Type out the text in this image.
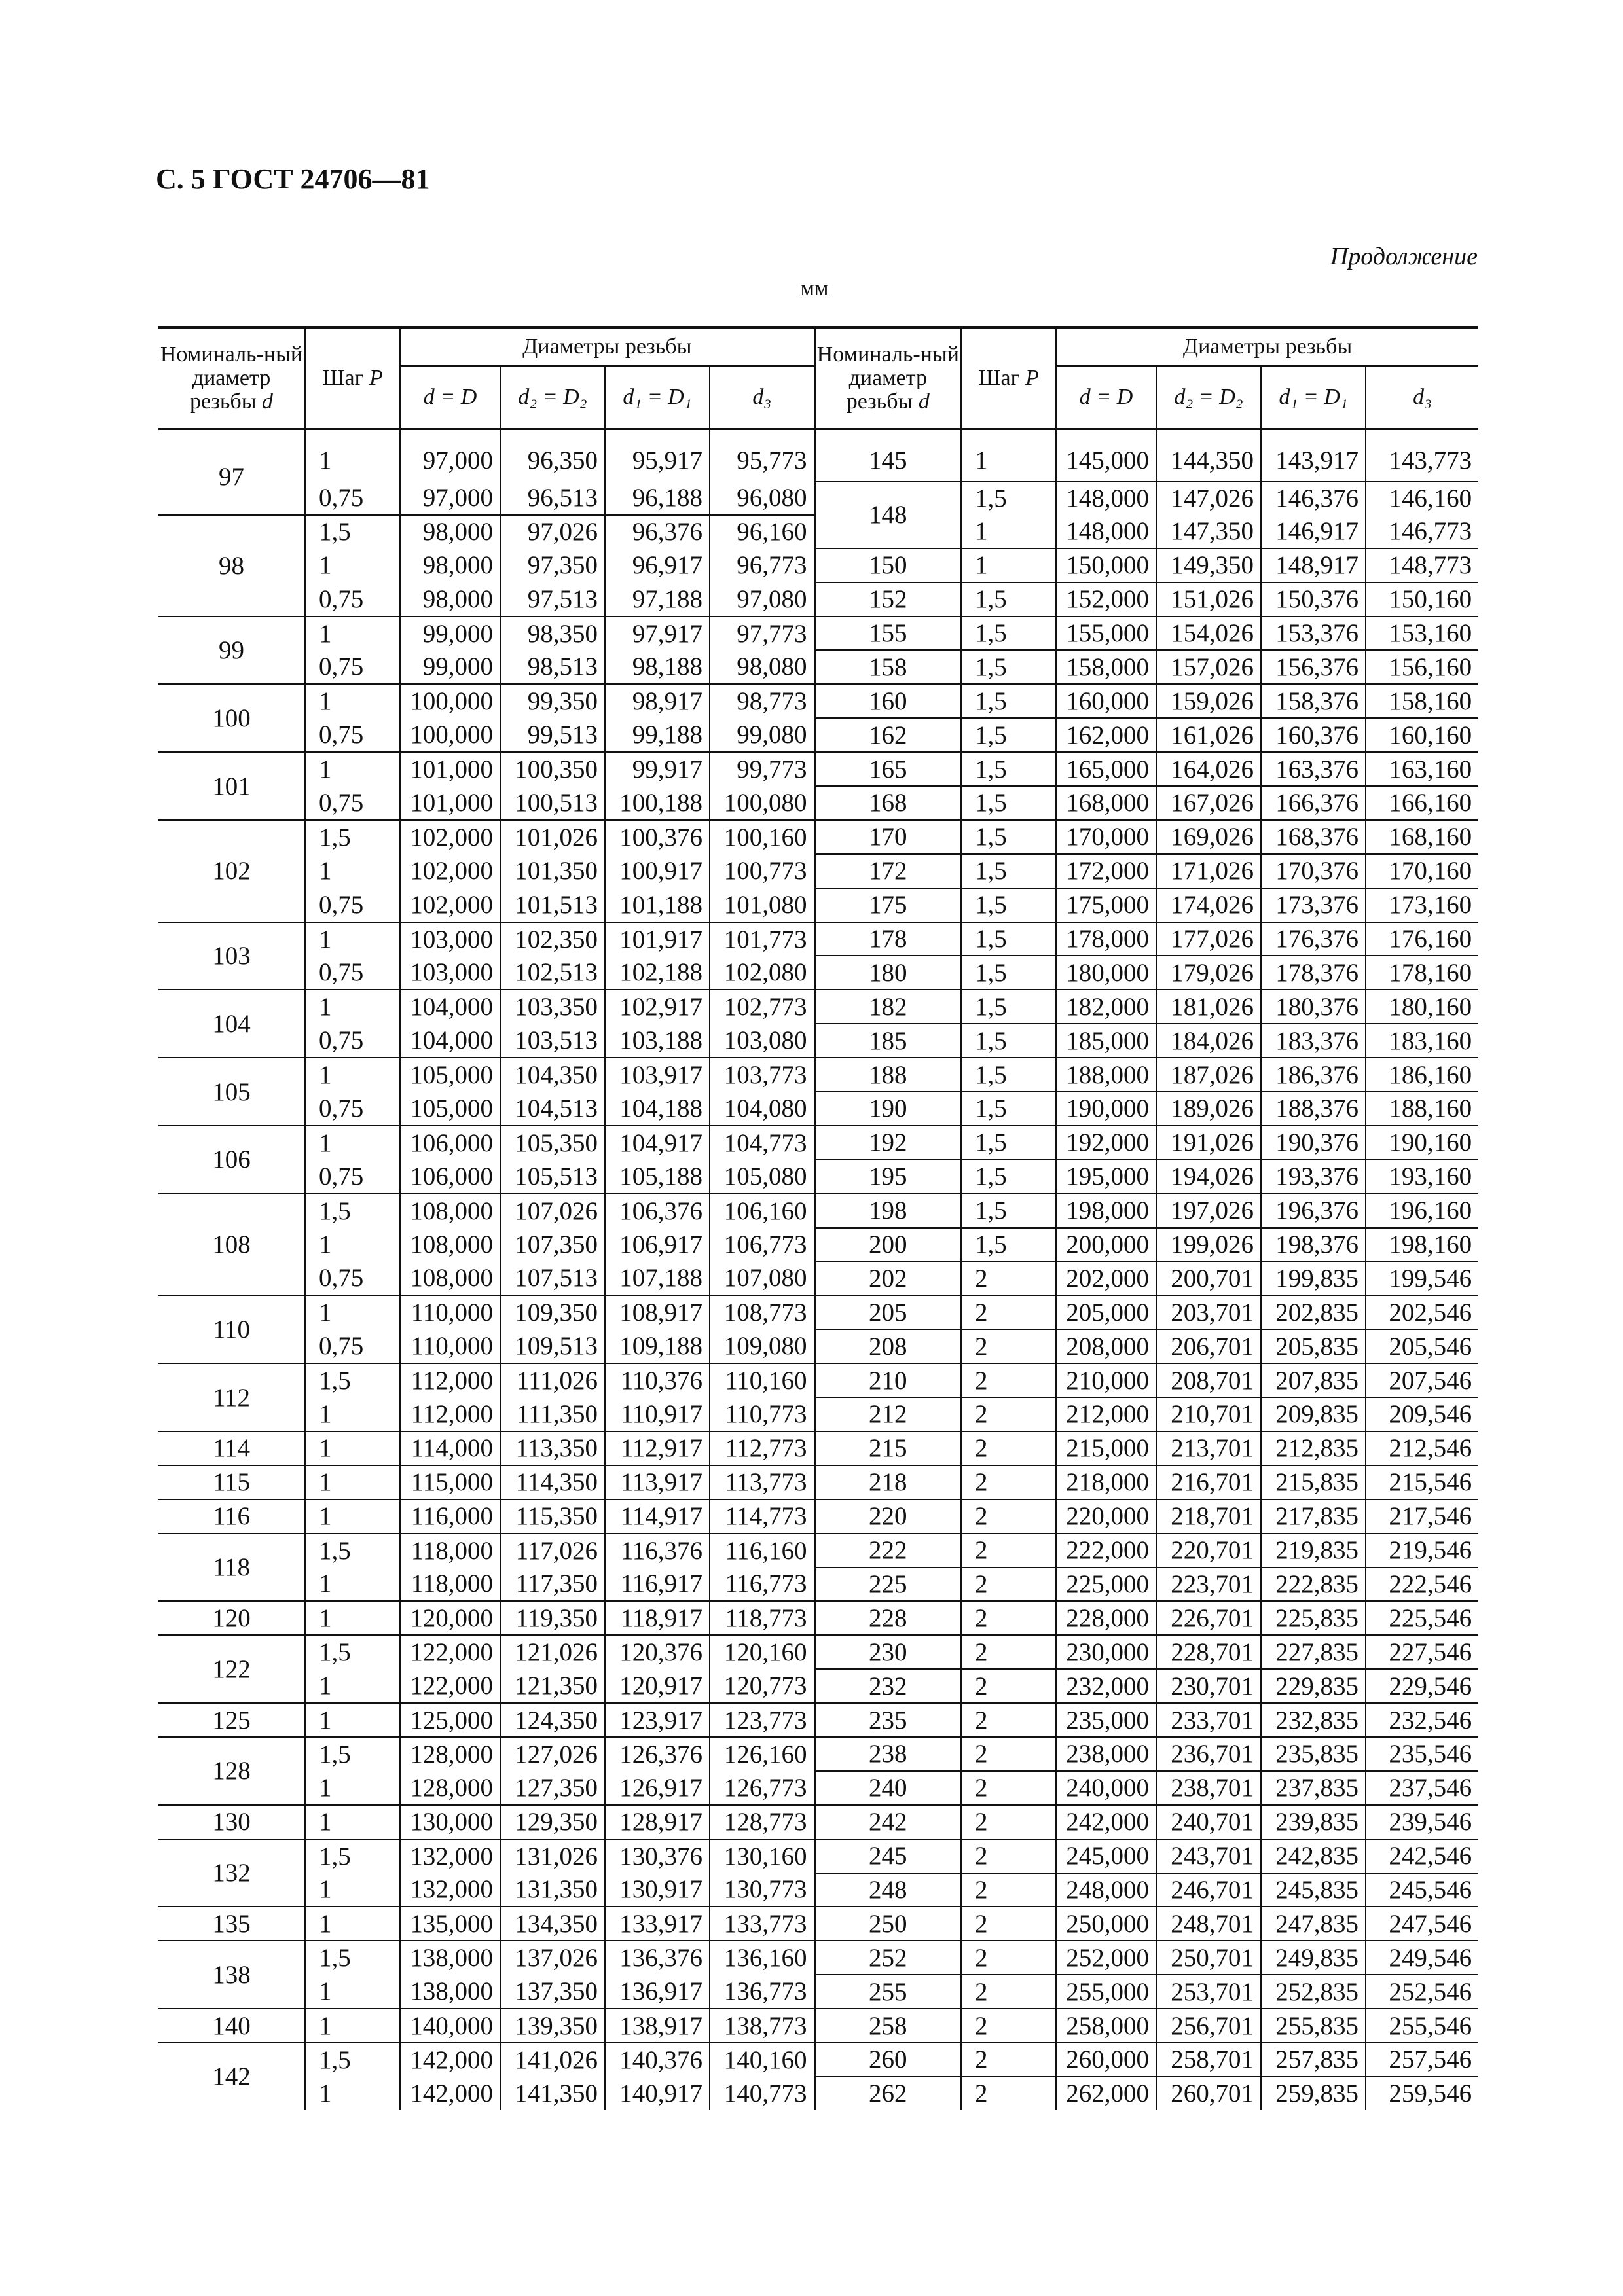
С. 5 ГОСТ 24706—81
Продолжение
мм
Номиналь-ный диаметр резьбы d	Шаг P	Диаметры резьбы				Номиналь-ный диаметр резьбы d	Шаг P	Диаметры резьбы			
		d = D	d₂ = D₂	d₁ = D₁	d₃			d = D	d₂ = D₂	d₁ = D₁	d₃
97	1	97,000	96,350	95,917	95,773	145	1	145,000	144,350	143,917	143,773
	0,75	97,000	96,513	96,188	96,080	148	1,5	148,000	147,026	146,376	146,160
98	1,5	98,000	97,026	96,376	96,160		1	148,000	147,350	146,917	146,773
	1	98,000	97,350	96,917	96,773	150	1	150,000	149,350	148,917	148,773
	0,75	98,000	97,513	97,188	97,080	152	1,5	152,000	151,026	150,376	150,160
99	1	99,000	98,350	97,917	97,773	155	1,5	155,000	154,026	153,376	153,160
	0,75	99,000	98,513	98,188	98,080	158	1,5	158,000	157,026	156,376	156,160
100	1	100,000	99,350	98,917	98,773	160	1,5	160,000	159,026	158,376	158,160
	0,75	100,000	99,513	99,188	99,080	162	1,5	162,000	161,026	160,376	160,160
101	1	101,000	100,350	99,917	99,773	165	1,5	165,000	164,026	163,376	163,160
	0,75	101,000	100,513	100,188	100,080	168	1,5	168,000	167,026	166,376	166,160
102	1,5	102,000	101,026	100,376	100,160	170	1,5	170,000	169,026	168,376	168,160
	1	102,000	101,350	100,917	100,773	172	1,5	172,000	171,026	170,376	170,160
	0,75	102,000	101,513	101,188	101,080	175	1,5	175,000	174,026	173,376	173,160
103	1	103,000	102,350	101,917	101,773	178	1,5	178,000	177,026	176,376	176,160
	0,75	103,000	102,513	102,188	102,080	180	1,5	180,000	179,026	178,376	178,160
104	1	104,000	103,350	102,917	102,773	182	1,5	182,000	181,026	180,376	180,160
	0,75	104,000	103,513	103,188	103,080	185	1,5	185,000	184,026	183,376	183,160
105	1	105,000	104,350	103,917	103,773	188	1,5	188,000	187,026	186,376	186,160
	0,75	105,000	104,513	104,188	104,080	190	1,5	190,000	189,026	188,376	188,160
106	1	106,000	105,350	104,917	104,773	192	1,5	192,000	191,026	190,376	190,160
	0,75	106,000	105,513	105,188	105,080	195	1,5	195,000	194,026	193,376	193,160
108	1,5	108,000	107,026	106,376	106,160	198	1,5	198,000	197,026	196,376	196,160
	1	108,000	107,350	106,917	106,773	200	1,5	200,000	199,026	198,376	198,160
	0,75	108,000	107,513	107,188	107,080	202	2	202,000	200,701	199,835	199,546
110	1	110,000	109,350	108,917	108,773	205	2	205,000	203,701	202,835	202,546
	0,75	110,000	109,513	109,188	109,080	208	2	208,000	206,701	205,835	205,546
112	1,5	112,000	111,026	110,376	110,160	210	2	210,000	208,701	207,835	207,546
	1	112,000	111,350	110,917	110,773	212	2	212,000	210,701	209,835	209,546
114	1	114,000	113,350	112,917	112,773	215	2	215,000	213,701	212,835	212,546
115	1	115,000	114,350	113,917	113,773	218	2	218,000	216,701	215,835	215,546
116	1	116,000	115,350	114,917	114,773	220	2	220,000	218,701	217,835	217,546
118	1,5	118,000	117,026	116,376	116,160	222	2	222,000	220,701	219,835	219,546
	1	118,000	117,350	116,917	116,773	225	2	225,000	223,701	222,835	222,546
120	1	120,000	119,350	118,917	118,773	228	2	228,000	226,701	225,835	225,546
122	1,5	122,000	121,026	120,376	120,160	230	2	230,000	228,701	227,835	227,546
	1	122,000	121,350	120,917	120,773	232	2	232,000	230,701	229,835	229,546
125	1	125,000	124,350	123,917	123,773	235	2	235,000	233,701	232,835	232,546
128	1,5	128,000	127,026	126,376	126,160	238	2	238,000	236,701	235,835	235,546
	1	128,000	127,350	126,917	126,773	240	2	240,000	238,701	237,835	237,546
130	1	130,000	129,350	128,917	128,773	242	2	242,000	240,701	239,835	239,546
132	1,5	132,000	131,026	130,376	130,160	245	2	245,000	243,701	242,835	242,546
	1	132,000	131,350	130,917	130,773	248	2	248,000	246,701	245,835	245,546
135	1	135,000	134,350	133,917	133,773	250	2	250,000	248,701	247,835	247,546
138	1,5	138,000	137,026	136,376	136,160	252	2	252,000	250,701	249,835	249,546
	1	138,000	137,350	136,917	136,773	255	2	255,000	253,701	252,835	252,546
140	1	140,000	139,350	138,917	138,773	258	2	258,000	256,701	255,835	255,546
142	1,5	142,000	141,026	140,376	140,160	260	2	260,000	258,701	257,835	257,546
	1	142,000	141,350	140,917	140,773	262	2	262,000	260,701	259,835	259,546
